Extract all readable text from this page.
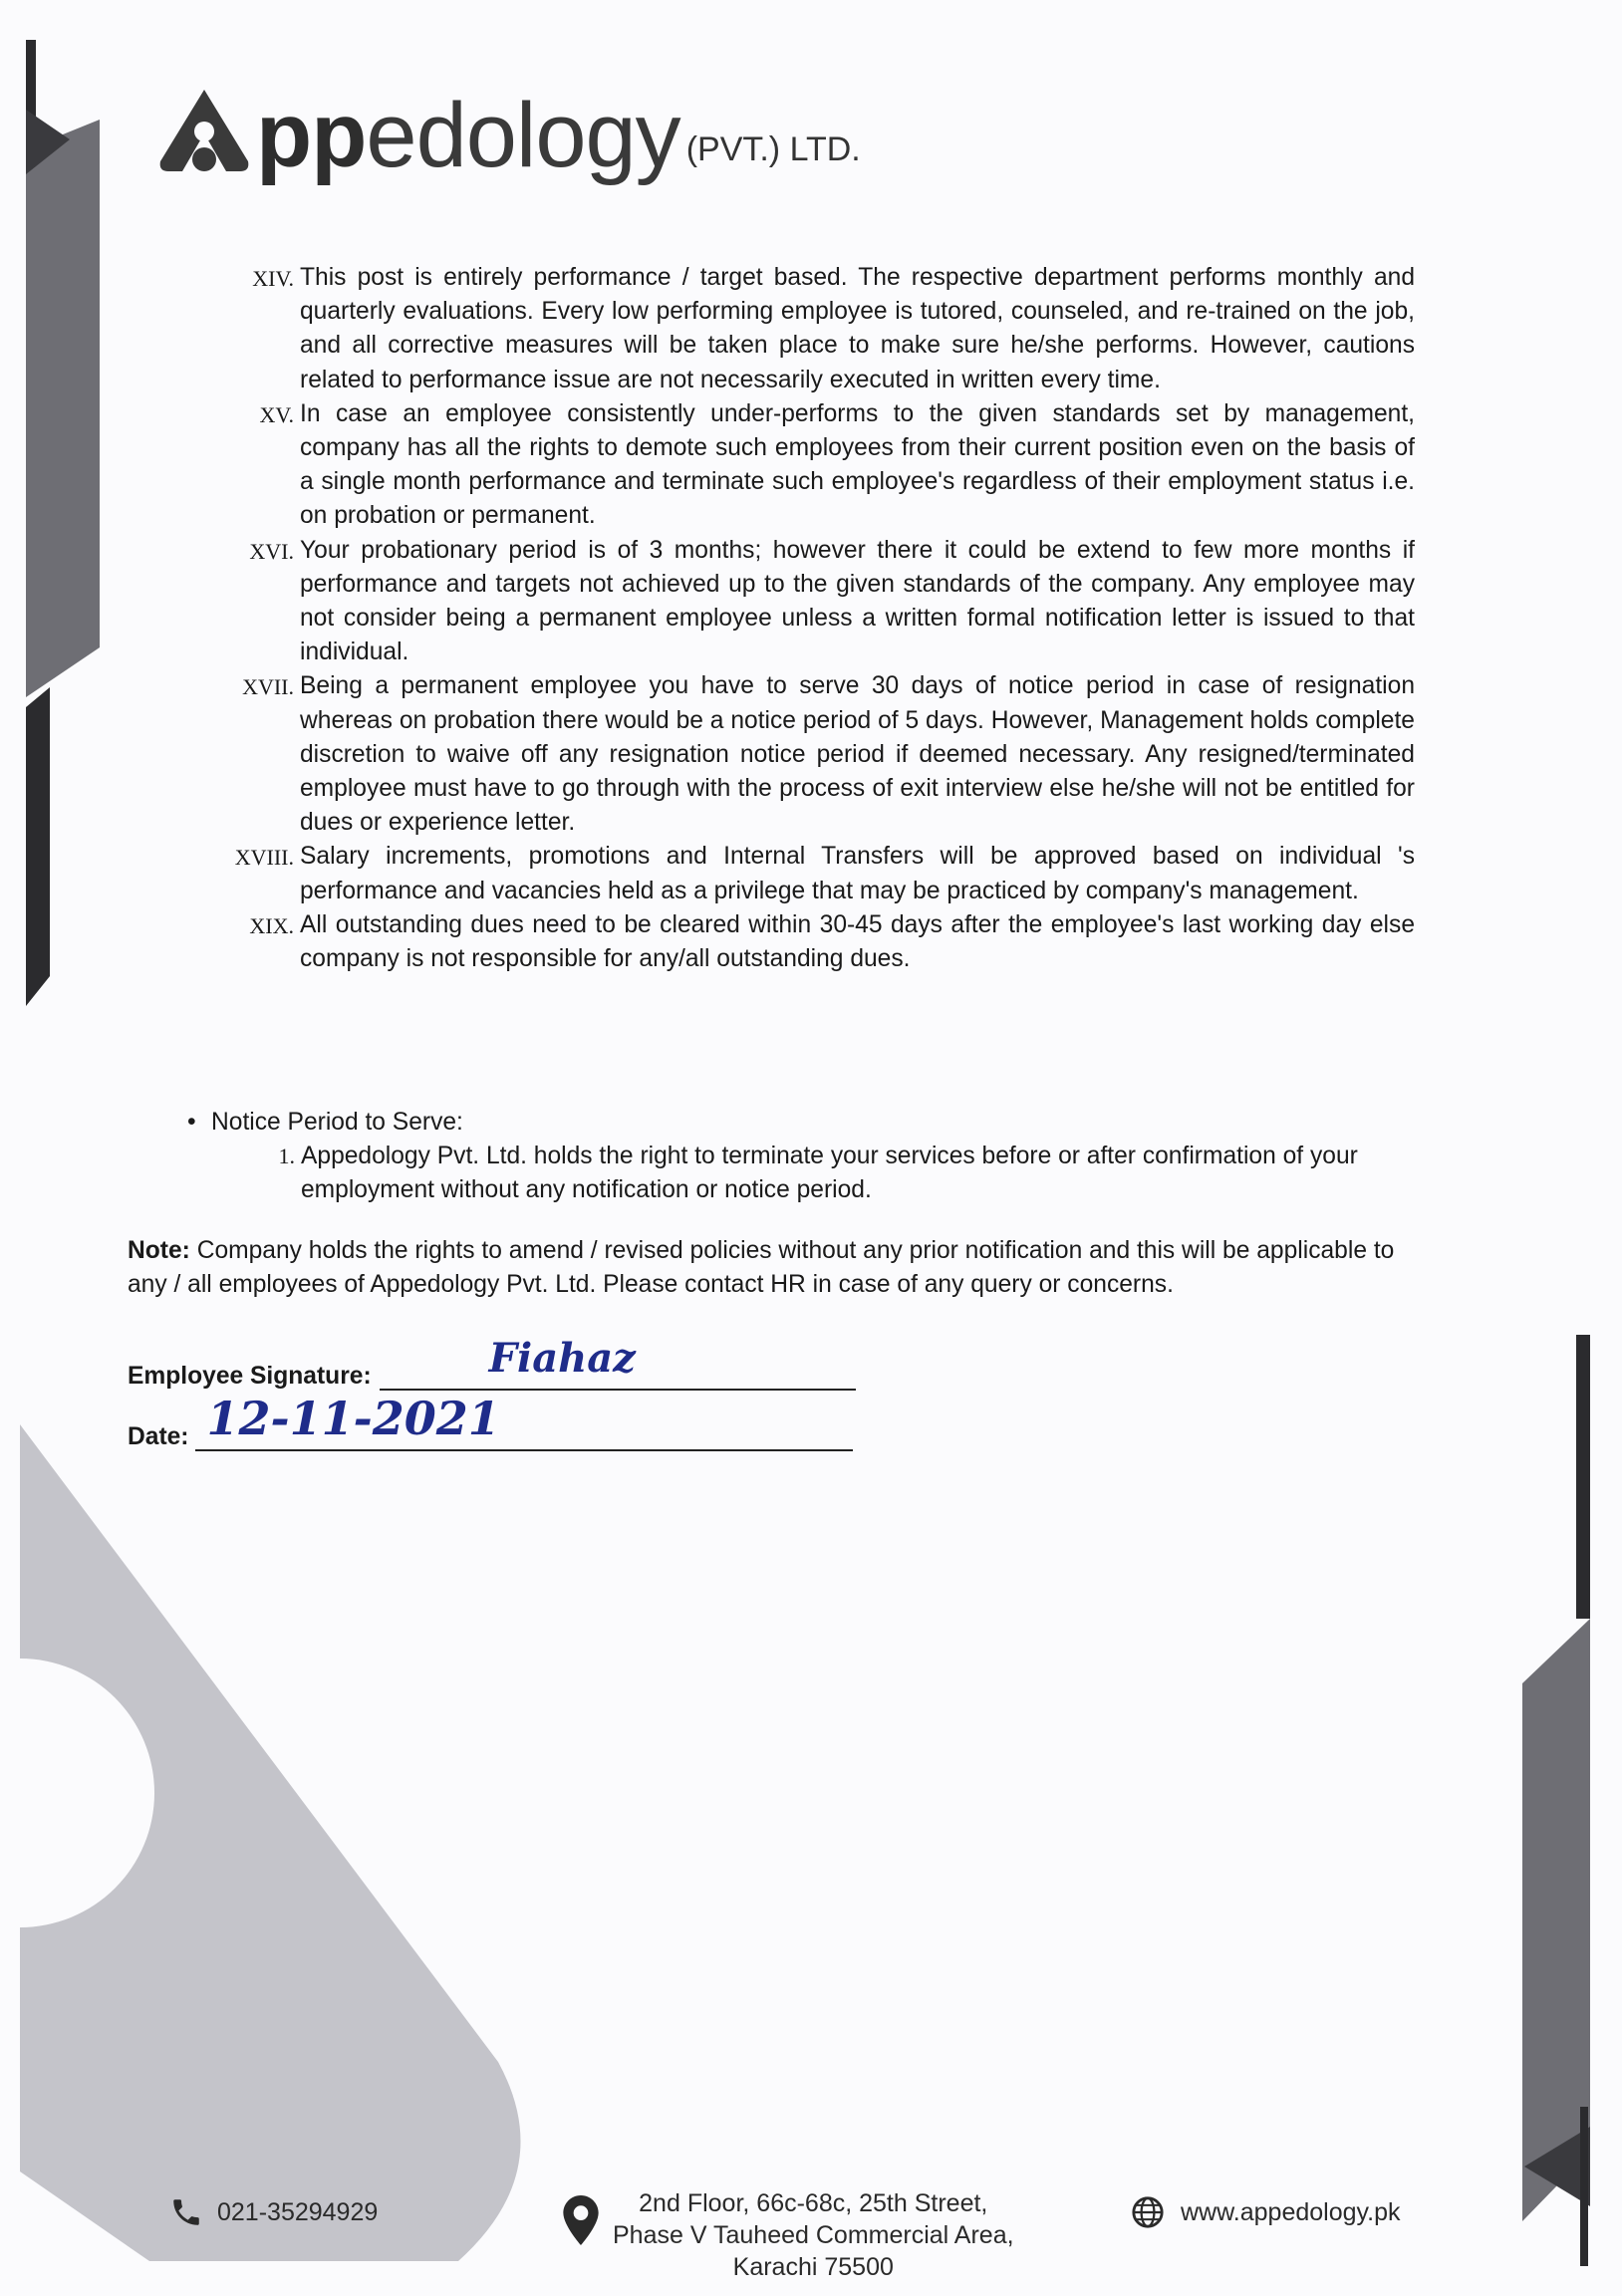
ppedology (PVT.) LTD.
XIV. This post is entirely performance / target based. The respective department performs monthly and quarterly evaluations. Every low performing employee is tutored, counseled, and re-trained on the job, and all corrective measures will be taken place to make sure he/she performs. However, cautions related to performance issue are not necessarily executed in written every time.
XV. In case an employee consistently under-performs to the given standards set by management, company has all the rights to demote such employees from their current position even on the basis of a single month performance and terminate such employee's regardless of their employment status i.e. on probation or permanent.
XVI. Your probationary period is of 3 months; however there it could be extend to few more months if performance and targets not achieved up to the given standards of the company. Any employee may not consider being a permanent employee unless a written formal notification letter is issued to that individual.
XVII. Being a permanent employee you have to serve 30 days of notice period in case of resignation whereas on probation there would be a notice period of 5 days. However, Management holds complete discretion to waive off any resignation notice period if deemed necessary. Any resigned/terminated employee must have to go through with the process of exit interview else he/she will not be entitled for dues or experience letter.
XVIII. Salary increments, promotions and Internal Transfers will be approved based on individual 's performance and vacancies held as a privilege that may be practiced by company's management.
XIX. All outstanding dues need to be cleared within 30-45 days after the employee's last working day else company is not responsible for any/all outstanding dues.
• Notice Period to Serve:
1. Appedology Pvt. Ltd. holds the right to terminate your services before or after confirmation of your employment without any notification or notice period.
Note: Company holds the rights to amend / revised policies without any prior notification and this will be applicable to any / all employees of Appedology Pvt. Ltd. Please contact HR in case of any query or concerns.
Employee Signature:	Fiahaz
Date: 12-11-2021
021-35294929	2nd Floor, 66c-68c, 25th Street,
Phase V Tauheed Commercial Area,
Karachi 75500
www.appedology.pk
